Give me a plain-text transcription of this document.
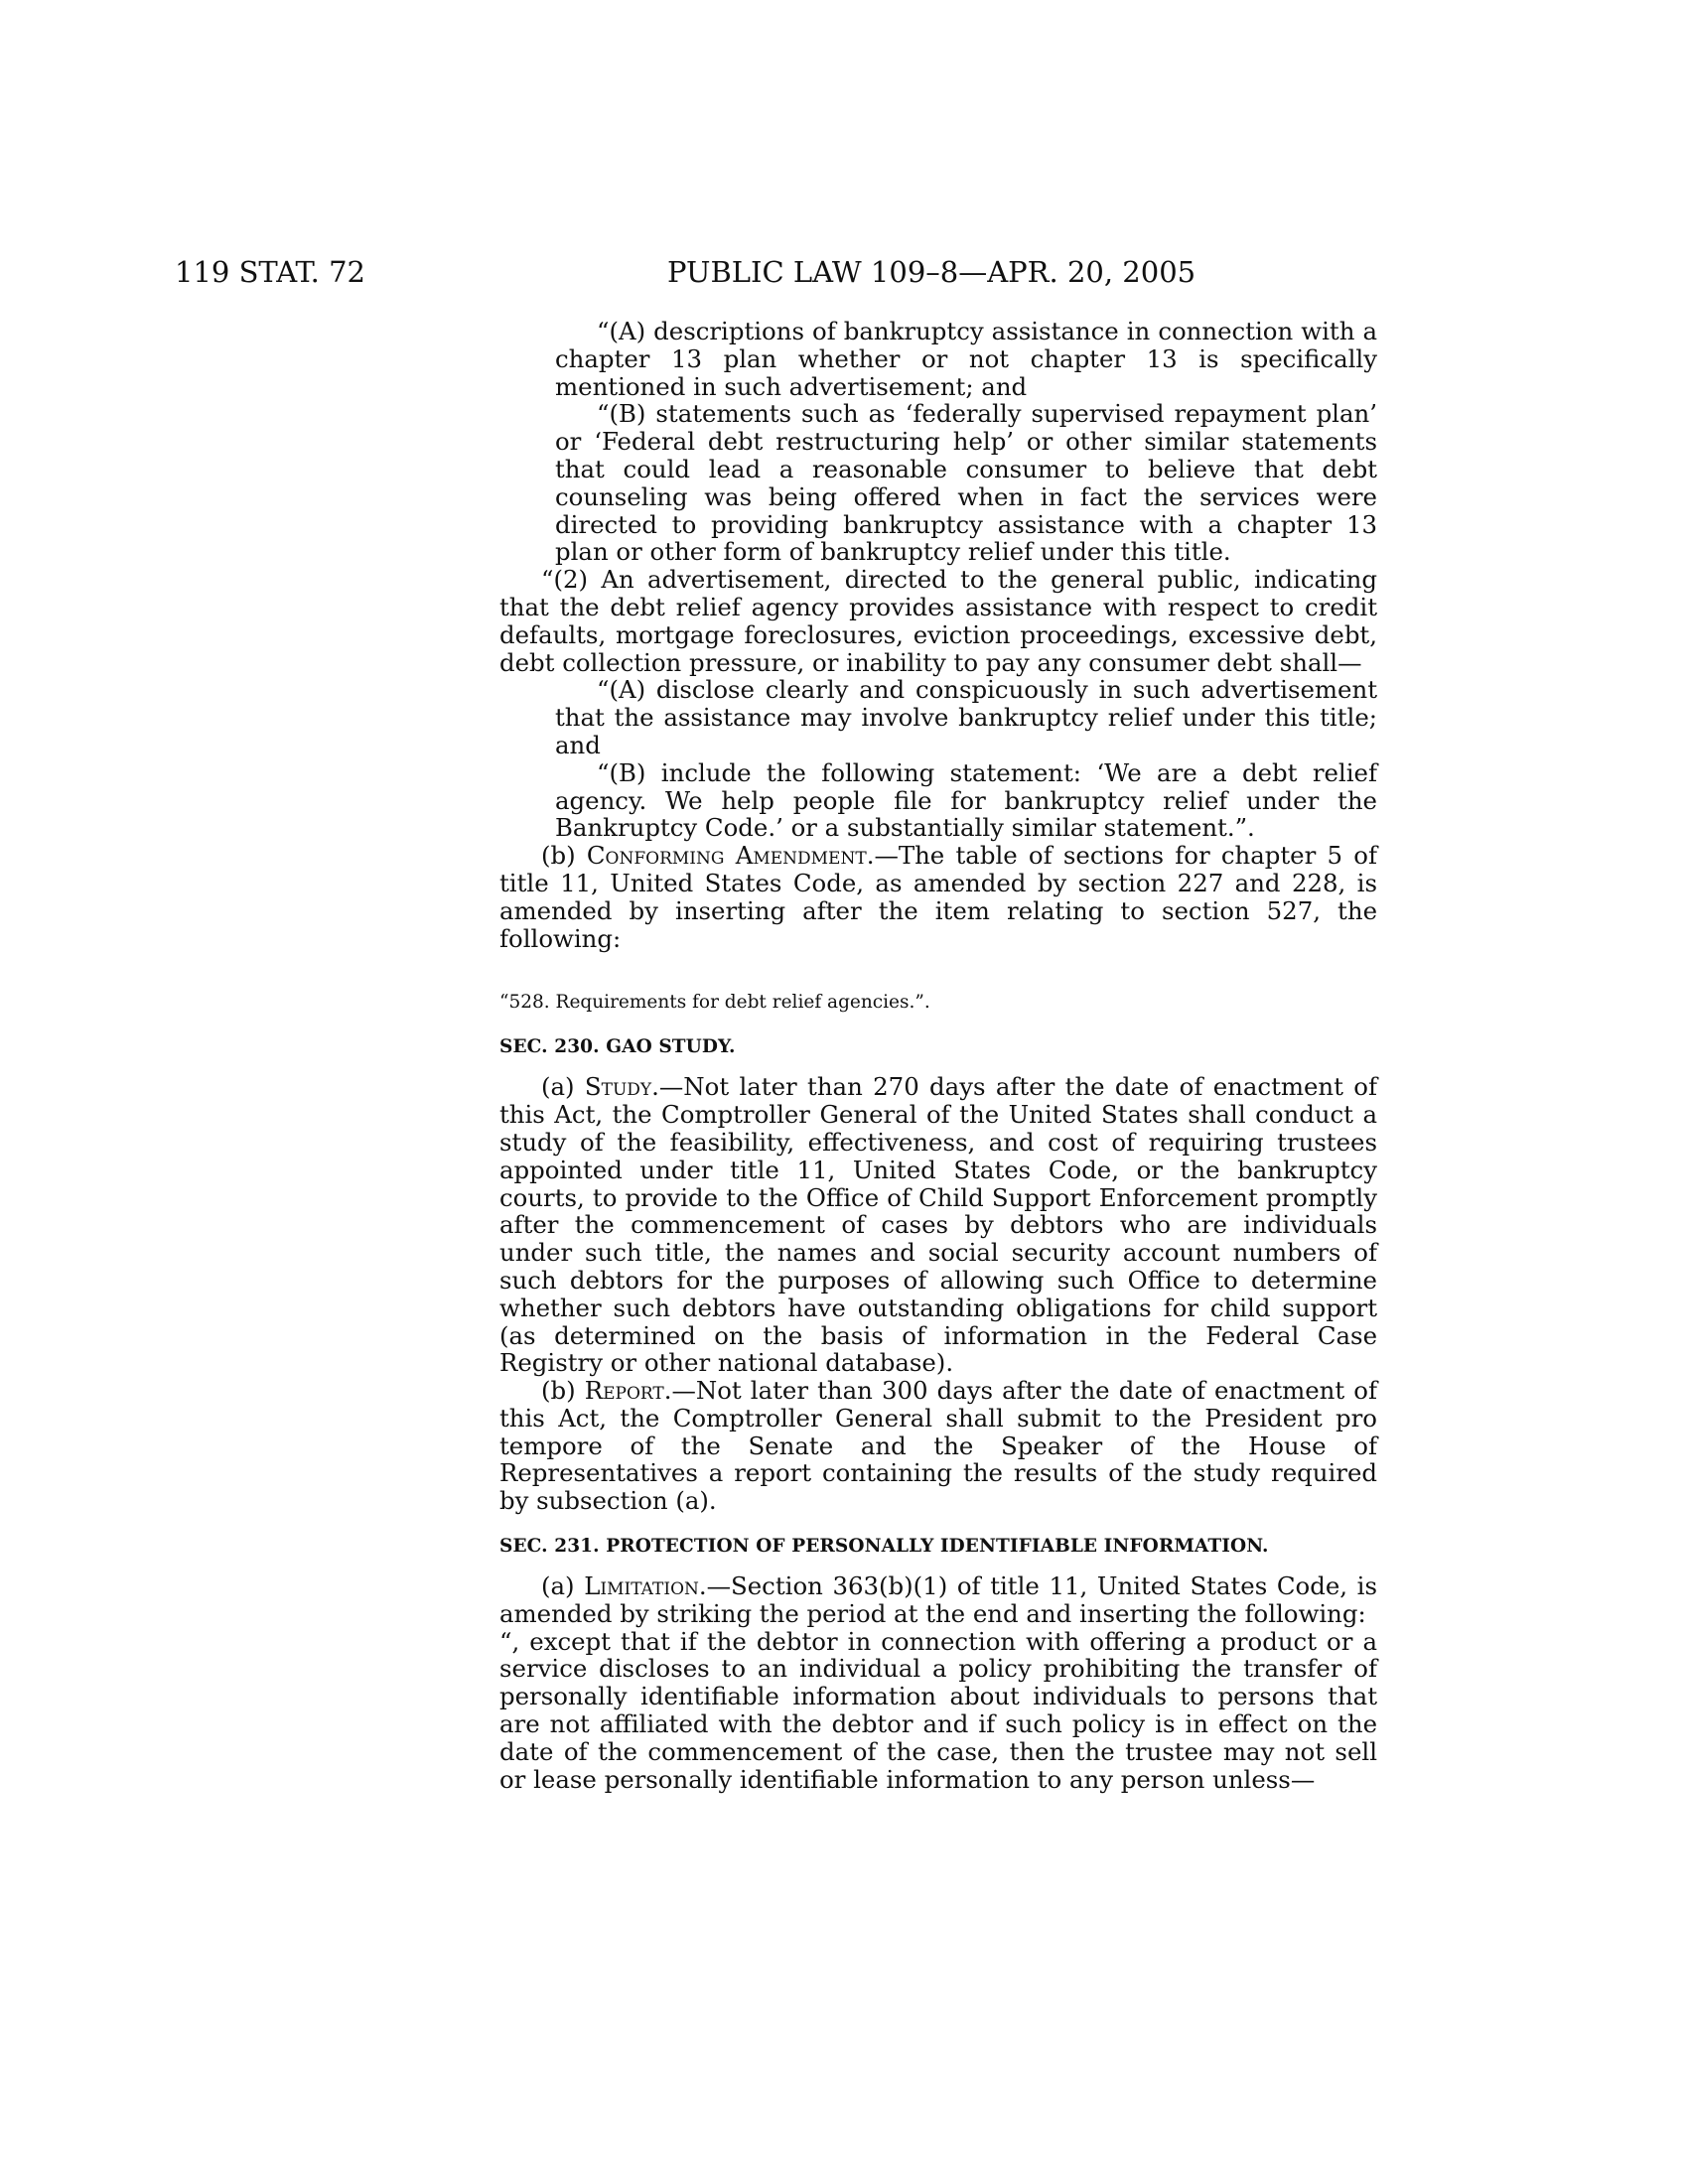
119 STAT. 72	PUBLIC LAW 109–8—APR. 20, 2005

“(A) descriptions of bankruptcy assistance in connection with a chapter 13 plan whether or not chapter 13 is specifically mentioned in such advertisement; and

“(B) statements such as ‘federally supervised repayment plan’ or ‘Federal debt restructuring help’ or other similar statements that could lead a reasonable consumer to believe that debt counseling was being offered when in fact the services were directed to providing bankruptcy assistance with a chapter 13 plan or other form of bankruptcy relief under this title.

“(2) An advertisement, directed to the general public, indicating that the debt relief agency provides assistance with respect to credit defaults, mortgage foreclosures, eviction proceedings, excessive debt, debt collection pressure, or inability to pay any consumer debt shall—

“(A) disclose clearly and conspicuously in such advertisement that the assistance may involve bankruptcy relief under this title; and

“(B) include the following statement: ‘We are a debt relief agency. We help people file for bankruptcy relief under the Bankruptcy Code.’ or a substantially similar statement.”.

(b) Conforming Amendment.—The table of sections for chapter 5 of title 11, United States Code, as amended by section 227 and 228, is amended by inserting after the item relating to section 527, the following:

“528. Requirements for debt relief agencies.”.

SEC. 230. GAO STUDY.

(a) Study.—Not later than 270 days after the date of enactment of this Act, the Comptroller General of the United States shall conduct a study of the feasibility, effectiveness, and cost of requiring trustees appointed under title 11, United States Code, or the bankruptcy courts, to provide to the Office of Child Support Enforcement promptly after the commencement of cases by debtors who are individuals under such title, the names and social security account numbers of such debtors for the purposes of allowing such Office to determine whether such debtors have outstanding obligations for child support (as determined on the basis of information in the Federal Case Registry or other national database).

(b) Report.—Not later than 300 days after the date of enactment of this Act, the Comptroller General shall submit to the President pro tempore of the Senate and the Speaker of the House of Representatives a report containing the results of the study required by subsection (a).

SEC. 231. PROTECTION OF PERSONALLY IDENTIFIABLE INFORMATION.

(a) Limitation.—Section 363(b)(1) of title 11, United States Code, is amended by striking the period at the end and inserting the following:

“, except that if the debtor in connection with offering a product or a service discloses to an individual a policy prohibiting the transfer of personally identifiable information about individuals to persons that are not affiliated with the debtor and if such policy is in effect on the date of the commencement of the case, then the trustee may not sell or lease personally identifiable information to any person unless—
